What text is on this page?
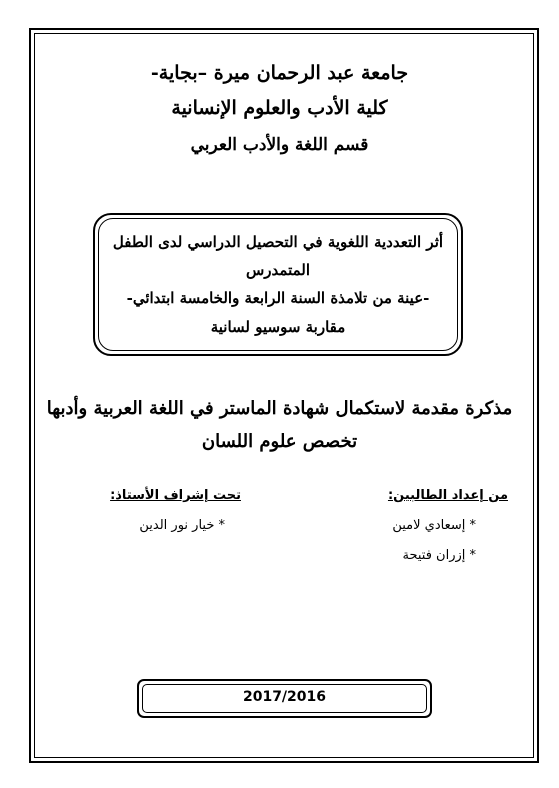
جامعة عبد الرحمان ميرة –بجاية-
كلية الأدب والعلوم الإنسانية
قسم اللغة والأدب العربي
أثر التعددية اللغوية في التحصيل الدراسي لدى الطفل
المتمدرس
-عينة من تلامذة السنة الرابعة والخامسة ابتدائي-
مقاربة سوسيو لسانية
مذكرة مقدمة لاستكمال شهادة الماستر في اللغة العربية وأدبها
تخصص علوم اللسان
من إعداد الطالبين:
* إسعادي لامين
* إزران فتيحة
تحت إشراف الأستاذ:
* خيار نور الدين
2017/2016
